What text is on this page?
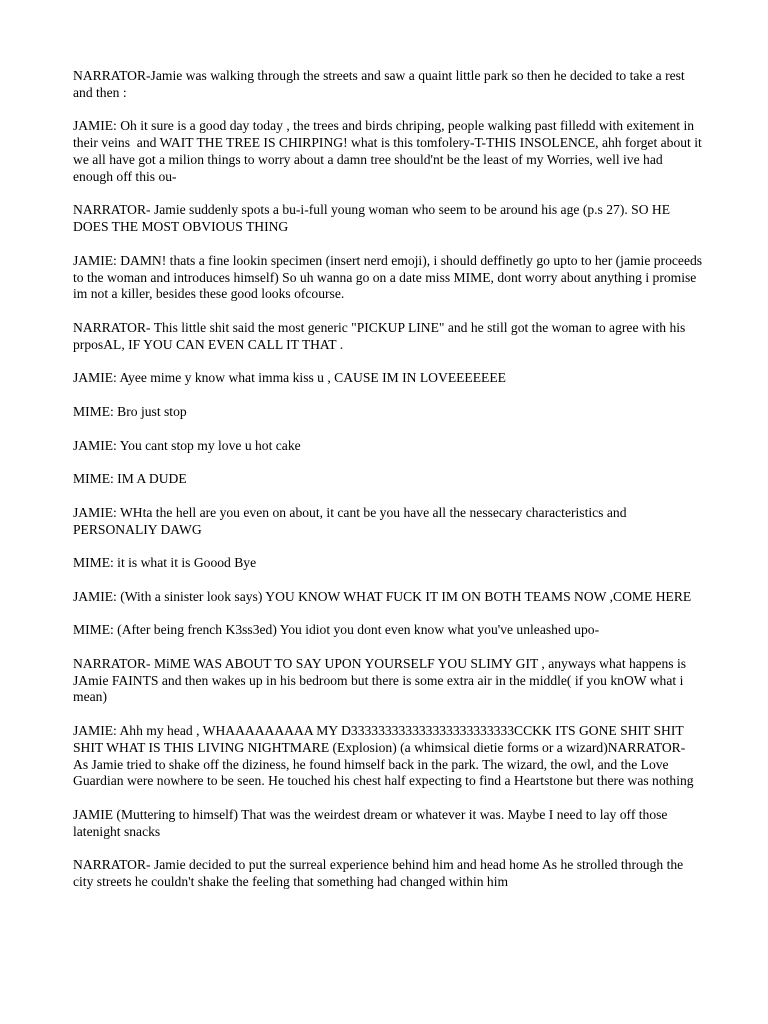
NARRATOR-Jamie was walking through the streets and saw a quaint little park so then he decided to take a rest and then :

JAMIE: Oh it sure is a good day today , the trees and birds chriping, people walking past filledd with exitement in their veins  and WAIT THE TREE IS CHIRPING! what is this tomfolery-T-THIS INSOLENCE, ahh forget about it we all have got a milion things to worry about a damn tree should'nt be the least of my Worries, well ive had enough off this ou-

NARRATOR- Jamie suddenly spots a bu-i-full young woman who seem to be around his age (p.s 27). SO HE DOES THE MOST OBVIOUS THING

JAMIE: DAMN! thats a fine lookin specimen (insert nerd emoji), i should deffinetly go upto to her (jamie proceeds to the woman and introduces himself) So uh wanna go on a date miss MIME, dont worry about anything i promise im not a killer, besides these good looks ofcourse.

NARRATOR- This little shit said the most generic "PICKUP LINE" and he still got the woman to agree with his prposAL, IF YOU CAN EVEN CALL IT THAT .

JAMIE: Ayee mime y know what imma kiss u , CAUSE IM IN LOVEEEEEEE

MIME: Bro just stop

JAMIE: You cant stop my love u hot cake

MIME: IM A DUDE

JAMIE: WHta the hell are you even on about, it cant be you have all the nessecary characteristics and PERSONALIY DAWG

MIME: it is what it is Goood Bye

JAMIE: (With a sinister look says) YOU KNOW WHAT FUCK IT IM ON BOTH TEAMS NOW ,COME HERE

MIME: (After being french K3ss3ed) You idiot you dont even know what you've unleashed upo-

NARRATOR- MiME WAS ABOUT TO SAY UPON YOURSELF YOU SLIMY GIT , anyways what happens is JAmie FAINTS and then wakes up in his bedroom but there is some extra air in the middle( if you knOW what i mean)

JAMIE: Ahh my head , WHAAAAAAAAA MY D333333333333333333333333CCKK ITS GONE SHIT SHIT SHIT WHAT IS THIS LIVING NIGHTMARE (Explosion) (a whimsical dietie forms or a wizard)NARRATOR- As Jamie tried to shake off the diziness, he found himself back in the park. The wizard, the owl, and the Love Guardian were nowhere to be seen. He touched his chest half expecting to find a Heartstone but there was nothing

JAMIE (Muttering to himself) That was the weirdest dream or whatever it was. Maybe I need to lay off those latenight snacks

NARRATOR- Jamie decided to put the surreal experience behind him and head home As he strolled through the city streets he couldn't shake the feeling that something had changed within him
